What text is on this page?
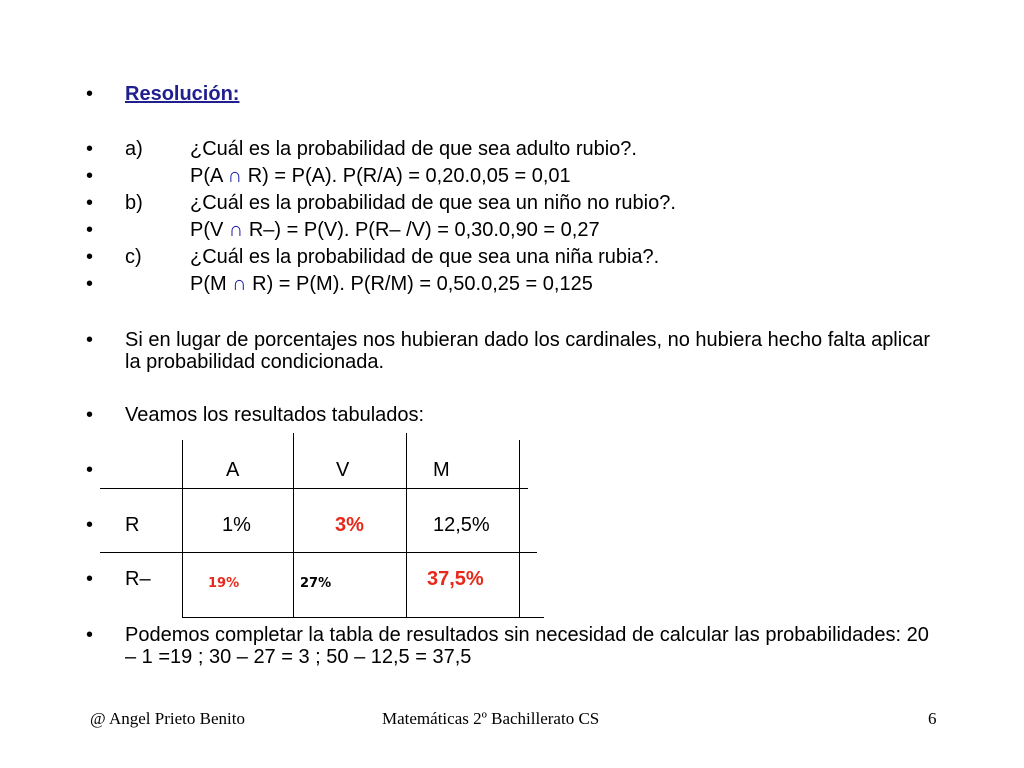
• Resolución:
• a) ¿Cuál es la probabilidad de que sea adulto rubio?.
•	P(A ∩ R) = P(A). P(R/A) = 0,20.0,05 = 0,01
• b) ¿Cuál es la probabilidad de que sea un niño no rubio?.
•	P(V ∩ R–) = P(V). P(R– /V) = 0,30.0,90 = 0,27
• c) ¿Cuál es la probabilidad de que sea una niña rubia?.
•	P(M ∩ R) = P(M). P(R/M) = 0,50.0,25 = 0,125
• Si en lugar de porcentajes nos hubieran dado los cardinales, no hubiera hecho falta aplicar la probabilidad condicionada.
• Veamos los resultados tabulados:
•	A	V	M
• R	1%	3%	12,5%
• R–	19%	27%	37,5%
• Podemos completar la tabla de resultados sin necesidad de calcular las probabilidades: 20 – 1 =19 ; 30 – 27 = 3 ; 50 – 12,5 = 37,5
@ Angel Prieto Benito	Matemáticas 2º Bachillerato CS	6
